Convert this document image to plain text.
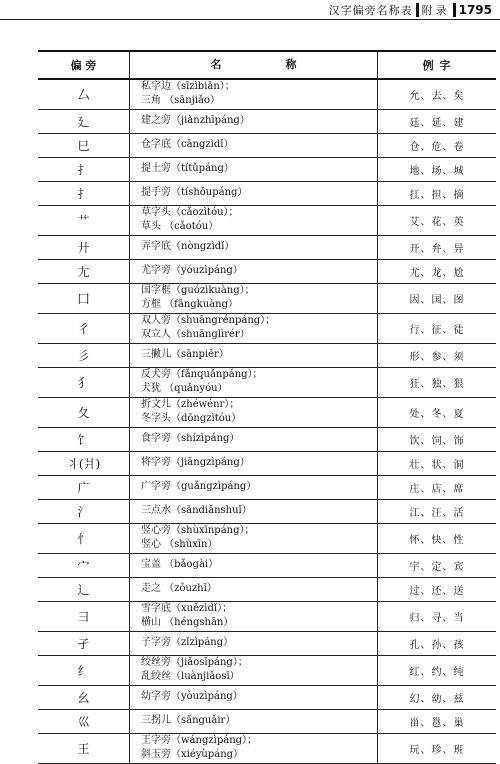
汉字偏旁名称表 附录 1795
偏 旁	名 称	例 字
厶	私字边（sīzìbiān）；
三角 （sānjiǎo）	允、去、矣
廴	建之旁（jiànzhīpáng）	廷、延、建
巳	仓字底（cāngzìdǐ）	仓、危、卷
扌	提土旁（títǔpáng）	地、场、城
扌	提手旁（tíshǒupáng）	扛、担、摘
艹	草字头（cǎozìtóu）；
草头 （cǎotóu）	艾、花、英
廾	弄字底（nòngzìdǐ）	开、弁、异
尢	尤字旁（yóuzìpáng）	尤、龙、尬
囗	国字框（guózìkuàng）；
方框 （fāngkuàng）	因、国、图
彳	双人旁（shuāngrénpáng）；
双立人（shuānglìrér）	行、征、徒
彡	三撇儿（sānpiěr）	形、参、须
犭	反犬旁（fǎnquǎnpáng）；
犬犹 （quǎnyóu）	狂、独、狠
夂	折文儿（zhéwénr）；
冬字头（dōngzìtóu）	处、冬、夏
饣	食字旁（shízìpáng）	饮、饲、饰
丬(爿)	将字旁（jiāngzìpáng）	壮、状、洞
广	广字旁（guǎngzìpáng）	庄、店、席
氵	三点水（sāndiǎnshuǐ）	江、汪、活
忄	竖心旁（shùxīnpáng）；
竖心 （shùxīn）	怀、快、性
宀	宝盖 （bǎogài）	宇、定、宾
辶	走之 （zǒuzhī）	过、还、送
彐	雪字底（xuězìdǐ）；
横山 （héngshān）	归、寻、当
孑	子字旁（zǐzìpáng）	孔、孙、孩
纟	绞丝旁（jiǎosīpáng）；
乱绞丝（luànjiǎosī）	红、约、纯
幺	幼字旁（yòuzìpáng）	幻、幼、兹
巛	三拐儿（sānguǎir）	甾、邕、巢
王	王字旁（wángzìpáng）；
斜玉旁（xiéyùpáng）	玩、珍、班
